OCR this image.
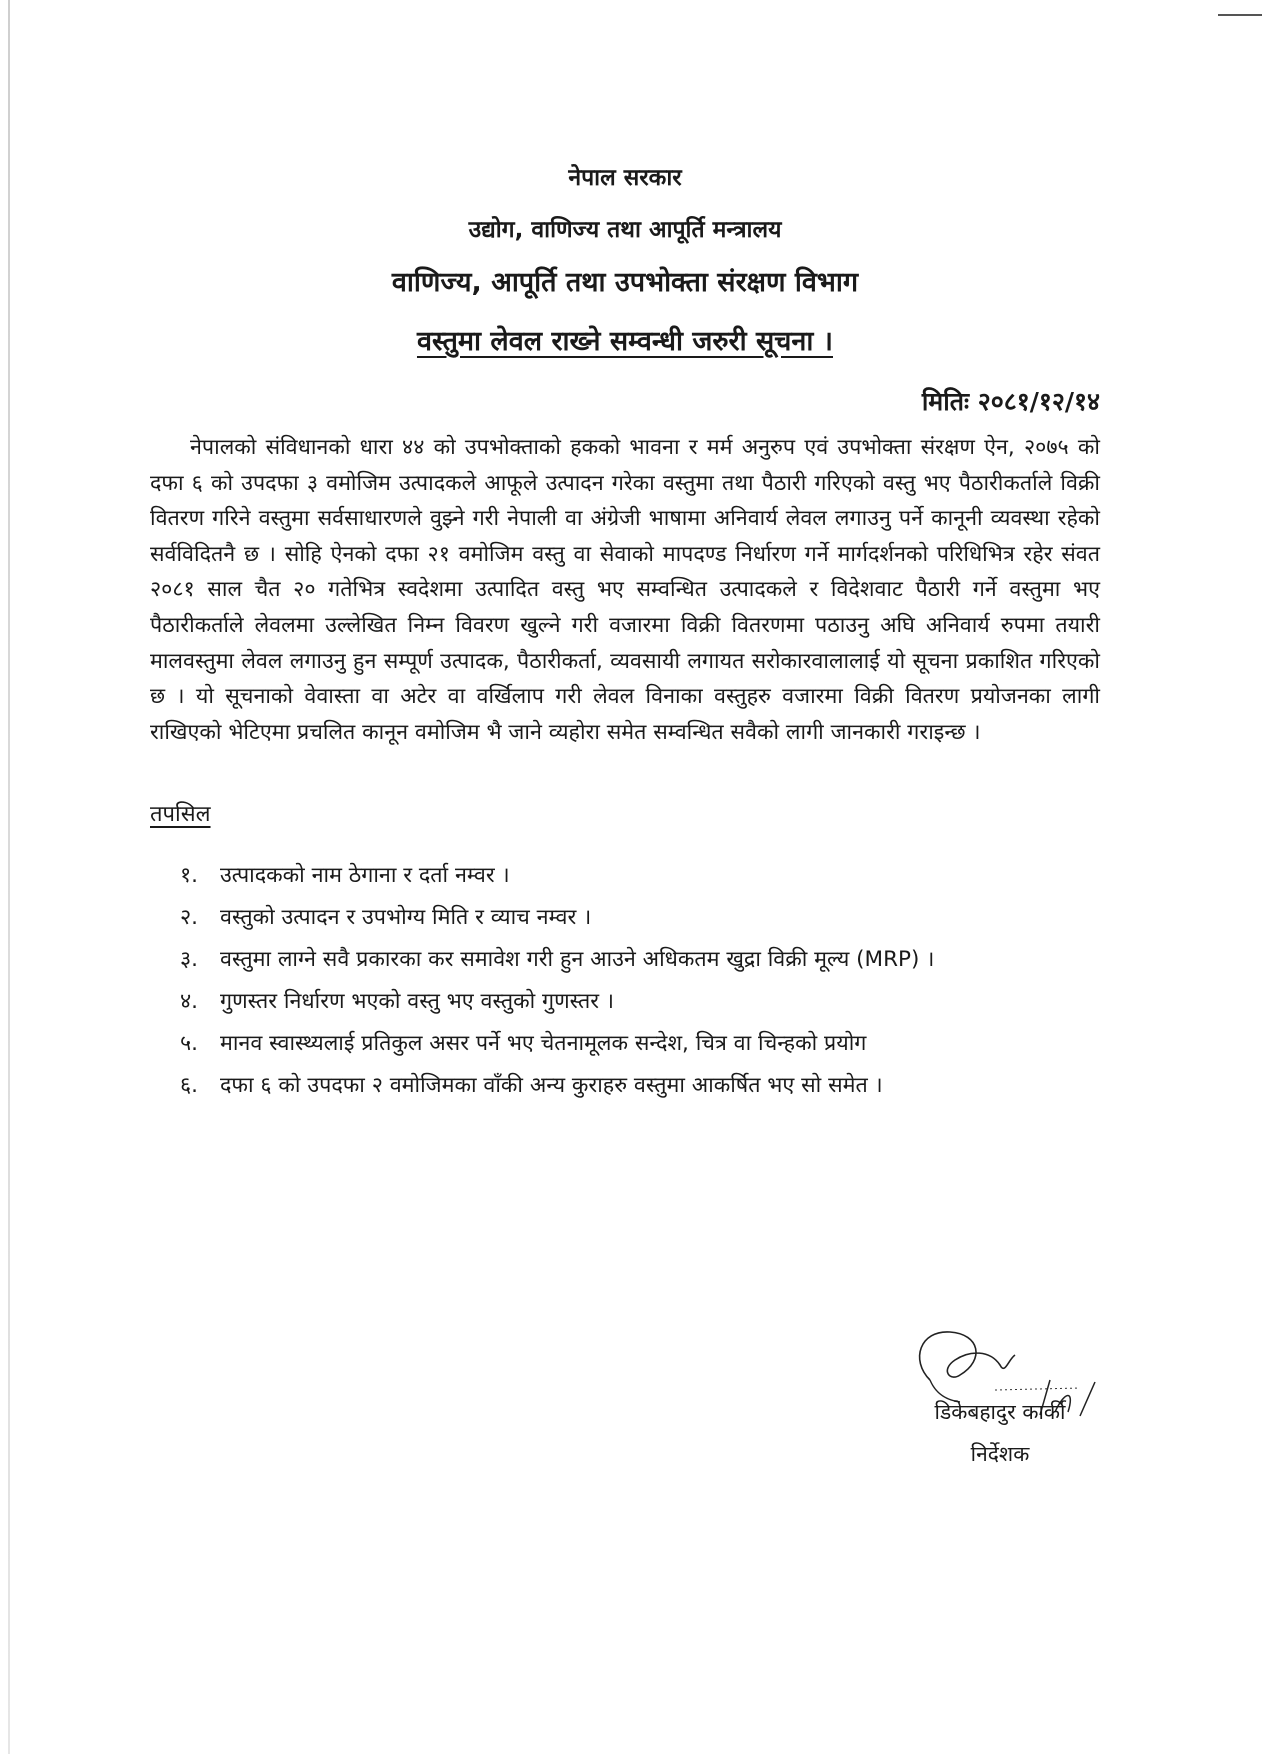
नेपाल सरकार
उद्योग, वाणिज्य तथा आपूर्ति मन्त्रालय
वाणिज्य, आपूर्ति तथा उपभोक्ता संरक्षण विभाग
वस्तुमा लेवल राख्ने सम्वन्धी जरुरी सूचना ।
मितिः २०८१/१२/१४

नेपालको संविधानको धारा ४४ को उपभोक्ताको हकको भावना र मर्म अनुरुप एवं उपभोक्ता संरक्षण ऐन, २०७५ को दफा ६ को उपदफा ३ वमोजिम उत्पादकले आफूले उत्पादन गरेका वस्तुमा तथा पैठारी गरिएको वस्तु भए पैठारीकर्ताले विक्री वितरण गरिने वस्तुमा सर्वसाधारणले वुझ्ने गरी नेपाली वा अंग्रेजी भाषामा अनिवार्य लेवल लगाउनु पर्ने कानूनी व्यवस्था रहेको सर्वविदितनै छ । सोहि ऐनको दफा २१ वमोजिम वस्तु वा सेवाको मापदण्ड निर्धारण गर्ने मार्गदर्शनको परिधिभित्र रहेर संवत २०८१ साल चैत २० गतेभित्र स्वदेशमा उत्पादित वस्तु भए सम्वन्धित उत्पादकले र विदेशवाट पैठारी गर्ने वस्तुमा भए पैठारीकर्ताले लेवलमा उल्लेखित निम्न विवरण खुल्ने गरी वजारमा विक्री वितरणमा पठाउनु अघि अनिवार्य रुपमा तयारी मालवस्तुमा लेवल लगाउनु हुन सम्पूर्ण उत्पादक, पैठारीकर्ता, व्यवसायी लगायत सरोकारवालालाई यो सूचना प्रकाशित गरिएको छ । यो सूचनाको वेवास्ता वा अटेर वा वर्खिलाप गरी लेवल विनाका वस्तुहरु वजारमा विक्री वितरण प्रयोजनका लागी राखिएको भेटिएमा प्रचलित कानून वमोजिम भै जाने व्यहोरा समेत सम्वन्धित सवैको लागी जानकारी गराइन्छ ।

तपसिल
१.	उत्पादकको नाम ठेगाना र दर्ता नम्वर ।
२.	वस्तुको उत्पादन र उपभोग्य मिति र व्याच नम्वर ।
३.	वस्तुमा लाग्ने सवै प्रकारका कर समावेश गरी हुन आउने अधिकतम खुद्रा विक्री मूल्य (MRP) ।
४.	गुणस्तर निर्धारण भएको वस्तु भए वस्तुको गुणस्तर ।
५.	मानव स्वास्थ्यलाई प्रतिकुल असर पर्ने भए चेतनामूलक सन्देश, चित्र वा चिन्हको प्रयोग
६.	दफा ६ को उपदफा २ वमोजिमका वाँकी अन्य कुराहरु वस्तुमा आकर्षित भए सो समेत ।
डिकेबहादुर कार्की
निर्देशक
